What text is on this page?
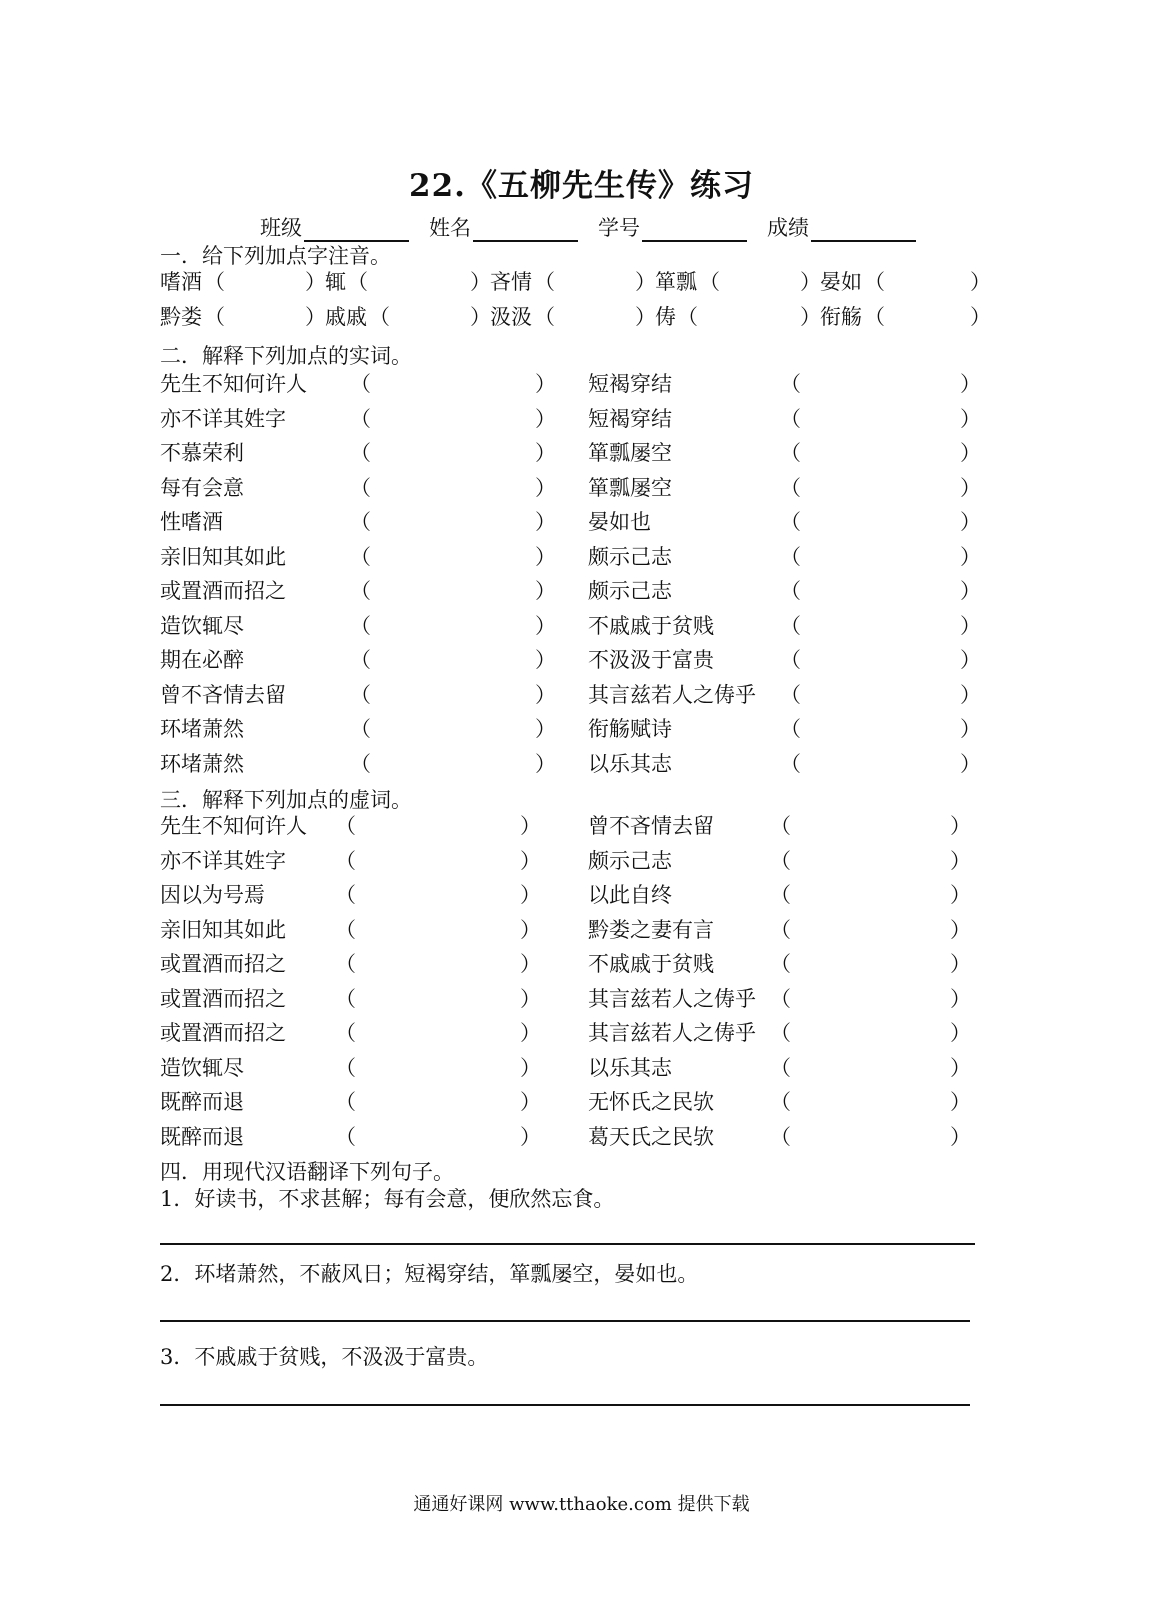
22.《五柳先生传》练习
班级	姓名	学号	成绩
一．给下列加点字注音。
嗜酒 （	） 辄 （	） 吝情 （	） 箪瓢 （	） 晏如 （	）
黔娄 （	） 戚戚 （	） 汲汲 （	） 俦 （	） 衔觞 （	）
二．解释下列加点的实词。
先生不知何许人 （	） 短褐穿结	（	）
亦不详其姓字	（	） 短褐穿结	（	）
不慕荣利	（	） 箪瓢屡空	（	）
每有会意	（	） 箪瓢屡空	（	）
性嗜酒	（	） 晏如也	（	）
亲旧知其如此	（	） 颇示己志	（	）
或置酒而招之	（	） 颇示己志	（	）
造饮辄尽	（	） 不戚戚于贫贱	（	）
期在必醉	（	） 不汲汲于富贵	（	）
曾不吝情去留	（	） 其言兹若人之俦乎 （	）
环堵萧然	（	） 衔觞赋诗	（	）
环堵萧然	（	） 以乐其志	（	）
三．解释下列加点的虚词。
先生不知何许人 （	） 曾不吝情去留	（	）
亦不详其姓字 （	） 颇示己志	（	）
因以为号焉	（	） 以此自终	（	）
亲旧知其如此 （	） 黔娄之妻有言	（	）
或置酒而招之 （	） 不戚戚于贫贱	（	）
或置酒而招之 （	） 其言兹若人之俦乎 （	）
或置酒而招之 （	） 其言兹若人之俦乎 （	）
造饮辄尽	（	） 以乐其志	（	）
既醉而退	（	） 无怀氏之民欤	（	）
既醉而退	（	） 葛天氏之民欤	（	）
四．用现代汉语翻译下列句子。
1．好读书，不求甚解；每有会意，便欣然忘食。
2．环堵萧然，不蔽风日；短褐穿结，箪瓢屡空，晏如也。
3．不戚戚于贫贱，不汲汲于富贵。
通通好课网 www.tthaoke.com 提供下载
